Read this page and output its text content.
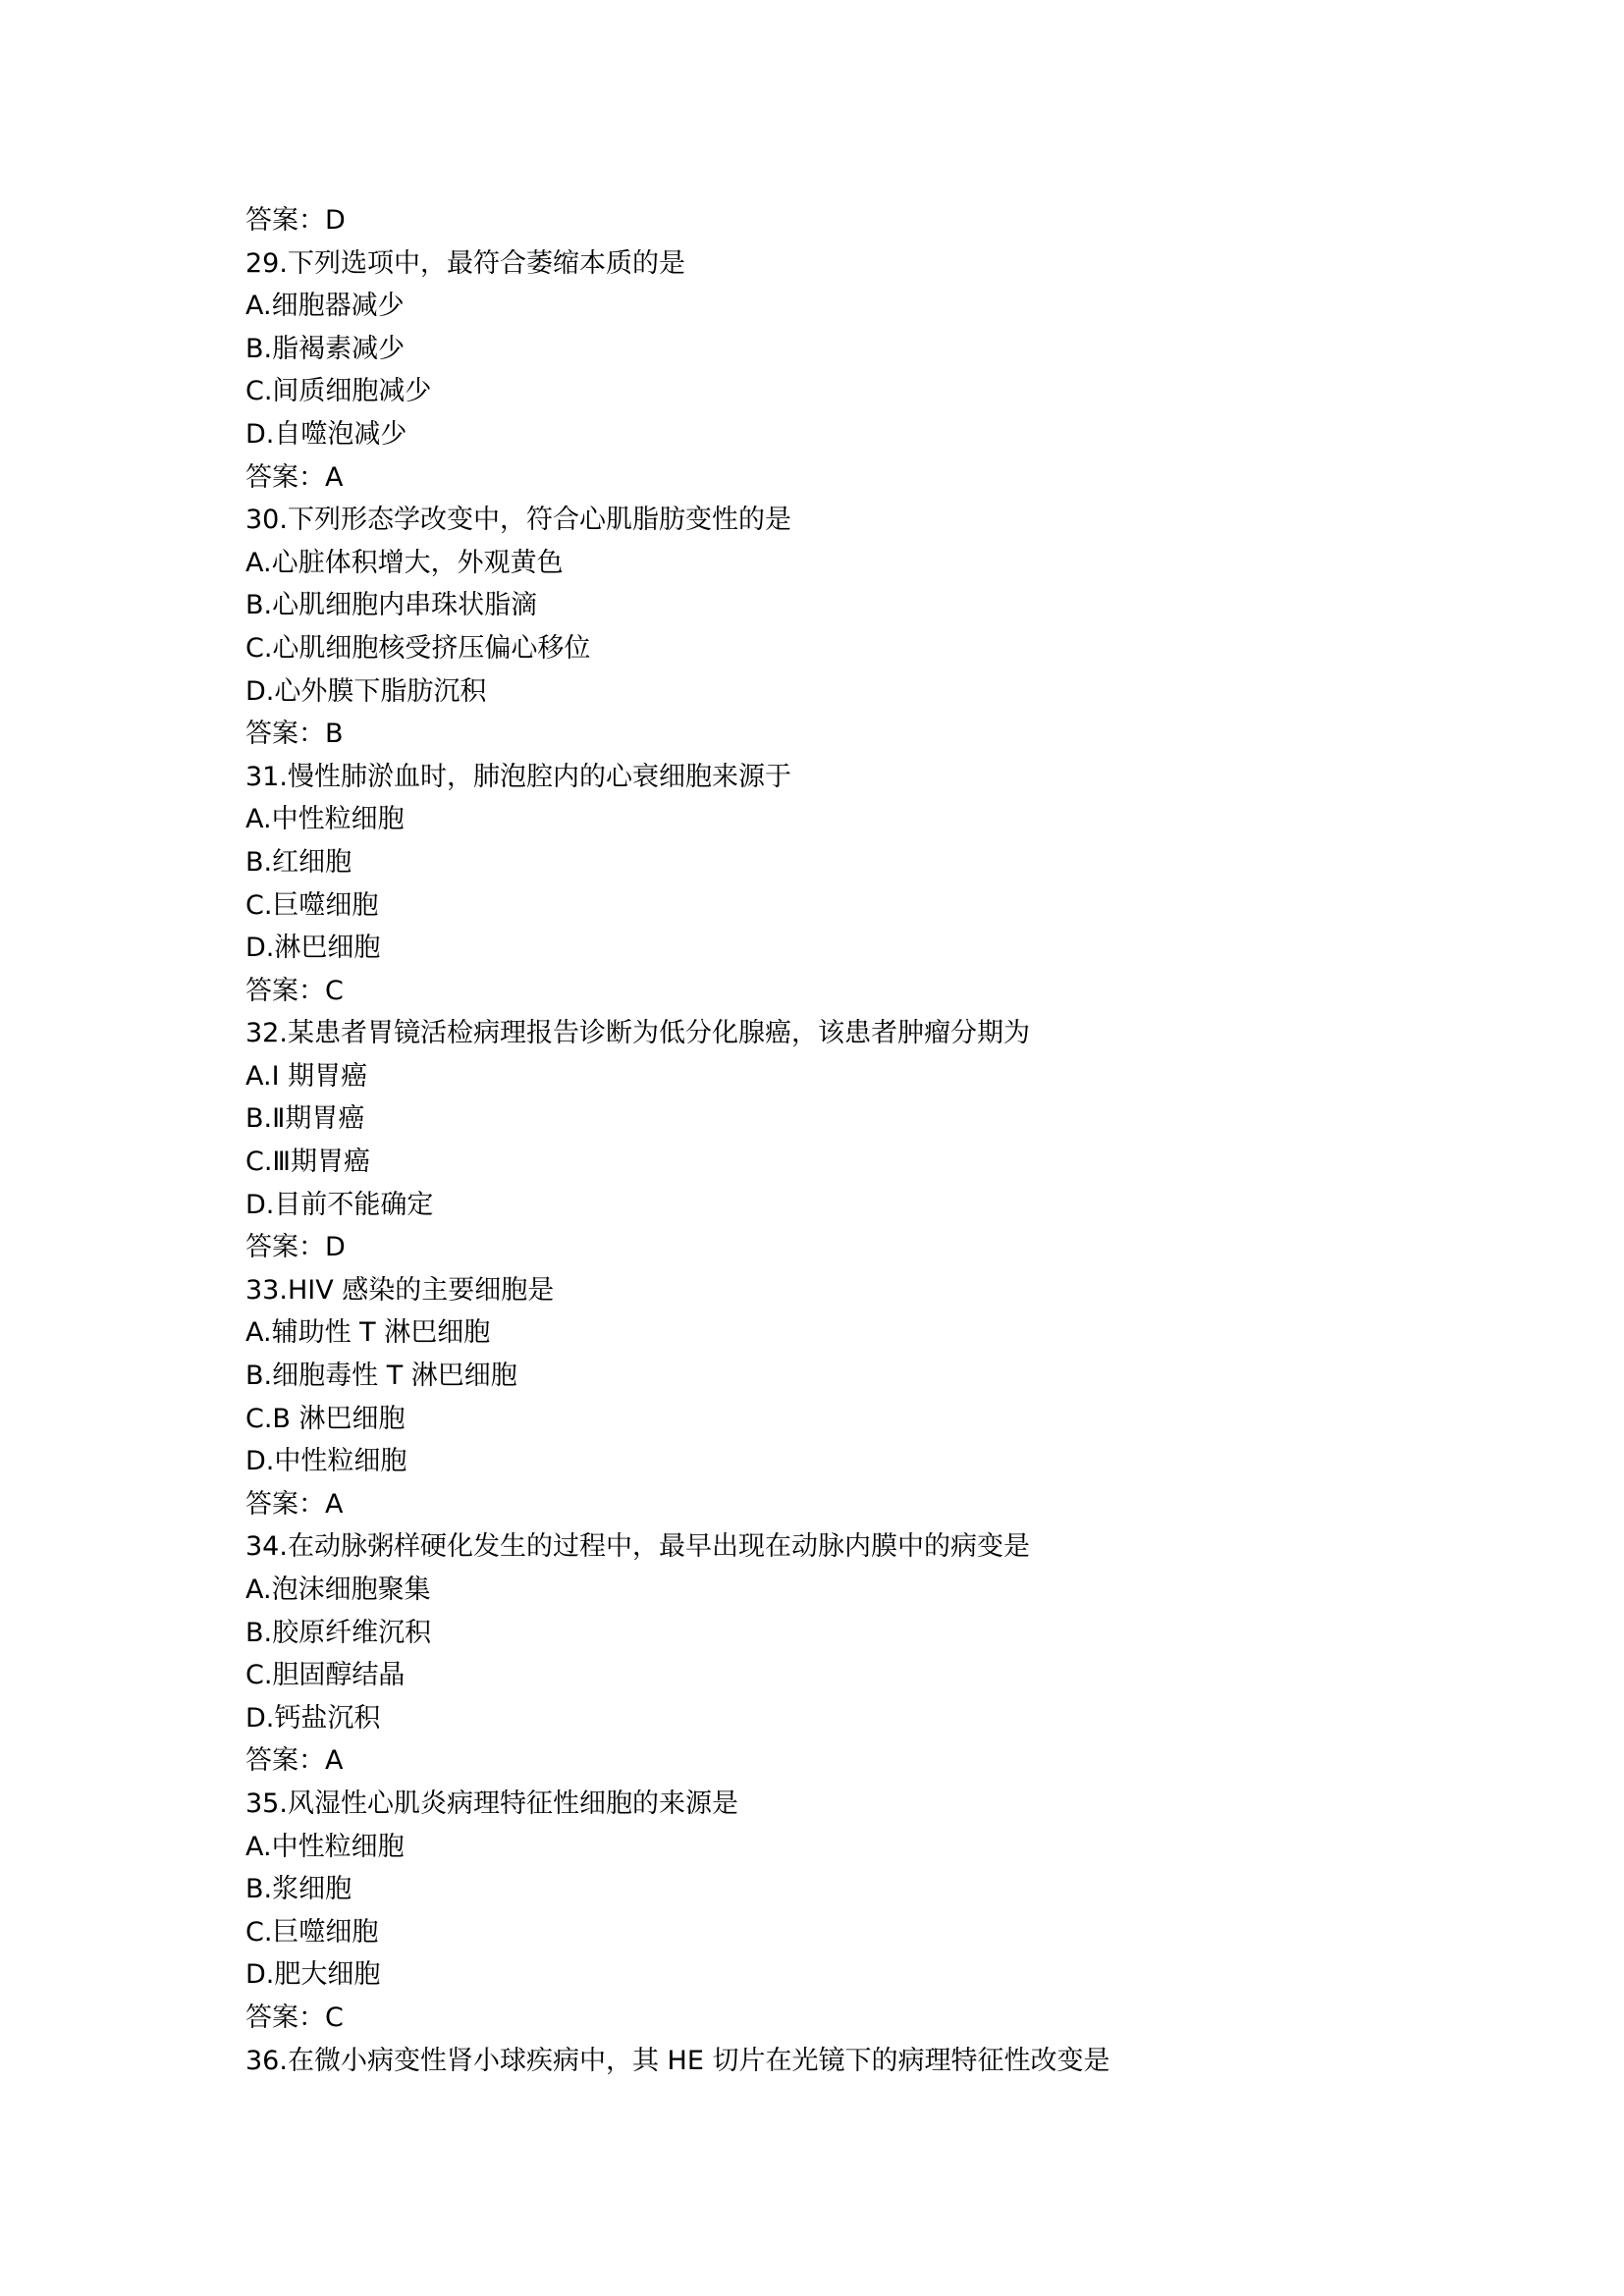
答案：D
29.下列选项中，最符合萎缩本质的是
A.细胞器减少
B.脂褐素减少
C.间质细胞减少
D.自噬泡减少
答案：A
30.下列形态学改变中，符合心肌脂肪变性的是
A.心脏体积增大，外观黄色
B.心肌细胞内串珠状脂滴
C.心肌细胞核受挤压偏心移位
D.心外膜下脂肪沉积
答案：B
31.慢性肺淤血时，肺泡腔内的心衰细胞来源于
A.中性粒细胞
B.红细胞
C.巨噬细胞
D.淋巴细胞
答案：C
32.某患者胃镜活检病理报告诊断为低分化腺癌，该患者肿瘤分期为
A.I 期胃癌
B.Ⅱ期胃癌
C.Ⅲ期胃癌
D.目前不能确定
答案：D
33.HIV 感染的主要细胞是
A.辅助性 T 淋巴细胞
B.细胞毒性 T 淋巴细胞
C.B 淋巴细胞
D.中性粒细胞
答案：A
34.在动脉粥样硬化发生的过程中，最早出现在动脉内膜中的病变是
A.泡沫细胞聚集
B.胶原纤维沉积
C.胆固醇结晶
D.钙盐沉积
答案：A
35.风湿性心肌炎病理特征性细胞的来源是
A.中性粒细胞
B.浆细胞
C.巨噬细胞
D.肥大细胞
答案：C
36.在微小病变性肾小球疾病中，其 HE 切片在光镜下的病理特征性改变是
